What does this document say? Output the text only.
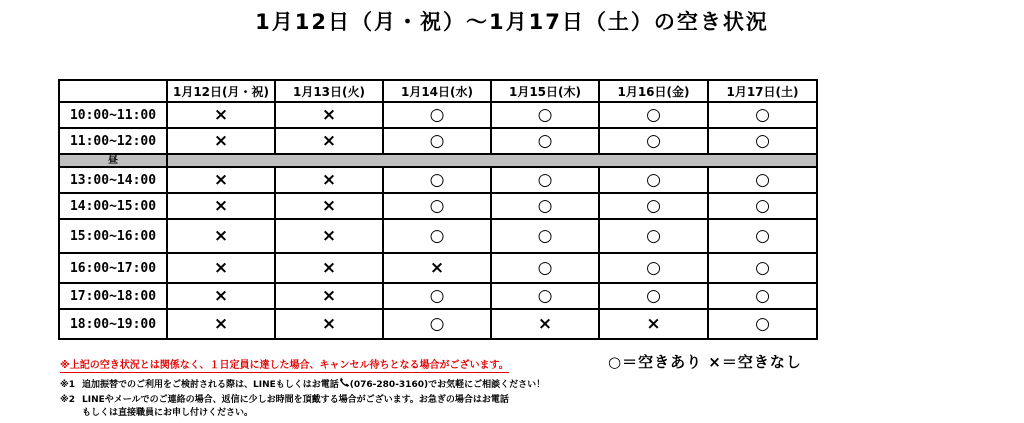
1月12日（月・祝）～1月17日（土）の空き状況
	1月12日(月・祝)	1月13日(火)	1月14日(水)	1月15日(木)	1月16日(金)	1月17日(土)
10:00~11:00	×	×	○	○	○	○
11:00~12:00	×	×	○	○	○	○
昼						
13:00~14:00	×	×	○	○	○	○
14:00~15:00	×	×	○	○	○	○
15:00~16:00	×	×	○	○	○	○
16:00~17:00	×	×	×	○	○	○
17:00~18:00	×	×	○	○	○	○
18:00~19:00	×	×	○	×	×	○
※上記の空き状況とは関係なく、１日定員に達した場合、キャンセル待ちとなる場合がございます。	○＝空きあり ×＝空きなし
※1 追加振替でのご利用をご検討される際は、LINEもしくはお電話 (076-280-3160)でお気軽にご相談ください！
※2 LINEやメールでのご連絡の場合、返信に少しお時間を頂戴する場合がございます。お急ぎの場合はお電話
もしくは直接職員にお申し付けください。
